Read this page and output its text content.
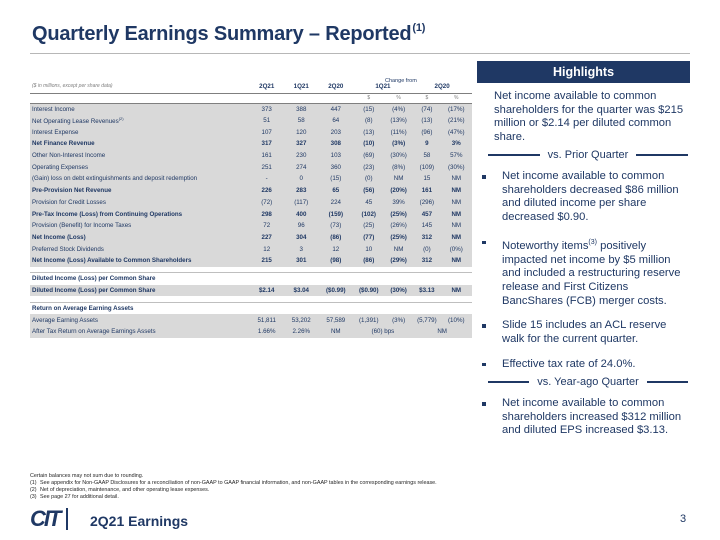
Quarterly Earnings Summary – Reported$^{(1)}$
Change from
($ in millions, except per share data)	2Q21	1Q21	2Q20	1Q21		2Q20	
				$	%	$	%
Interest Income	373	388	447	(15)	(4%)	(74)	(17%)
Net Operating Lease Revenues$^{(2)}$	51	58	64	(8)	(13%)	(13)	(21%)
Interest Expense	107	120	203	(13)	(11%)	(96)	(47%)
Net Finance Revenue	317	327	308	(10)	(3%)	9	3%
Other Non-Interest Income	161	230	103	(69)	(30%)	58	57%
Operating Expenses	251	274	360	(23)	(8%)	(109)	(30%)
(Gain) loss on debt extinguishments and deposit redemption	-	0	(15)	(0)	NM	15	NM
Pre-Provision Net Revenue	226	283	65	(56)	(20%)	161	NM
Provision for Credit Losses	(72)	(117)	224	45	39%	(296)	NM
Pre-Tax Income (Loss) from Continuing Operations	298	400	(159)	(102)	(25%)	457	NM
Provision (Benefit) for Income Taxes	72	96	(73)	(25)	(26%)	145	NM
Net Income (Loss)	227	304	(86)	(77)	(25%)	312	NM
Preferred Stock Dividends	12	3	12	10	NM	(0)	(0%)
Net Income (Loss) Available to Common Shareholders	215	301	(98)	(86)	(29%)	312	NM

Diluted Income (Loss) per Common Share							
Diluted Income (Loss) per Common Share	$2.14	$3.04	($0.99)	($0.90)	(30%)	$3.13	NM

Return on Average Earning Assets							
Average Earning Assets	51,811	53,202	57,589	(1,391)	(3%)	(5,779)	(10%)
After Tax Return on Average Earnings Assets	1.66%	2.26%	NM	(60) bps		NM	
Highlights
Net income available to common shareholders for the quarter was $215 million or $2.14 per diluted common share.
vs. Prior Quarter
Net income available to common shareholders decreased $86 million and diluted income per share decreased $0.90.
Noteworthy items$^{(3)}$ positively impacted net income by $5 million and included a restructuring reserve release and First Citizens BancShares (FCB) merger costs.
Slide 15 includes an ACL reserve walk for the current quarter.
Effective tax rate of 24.0%.
vs. Year-ago Quarter
Net income available to common shareholders increased $312 million and diluted EPS increased $3.13.
Certain balances may not sum due to rounding.
(1) See appendix for Non-GAAP Disclosures for a reconciliation of non-GAAP to GAAP financial information, and non-GAAP tables in the corresponding earnings release.
(2) Net of depreciation, maintenance, and other operating lease expenses.
(3) See page 27 for additional detail.
CIT 2Q21 Earnings	3
